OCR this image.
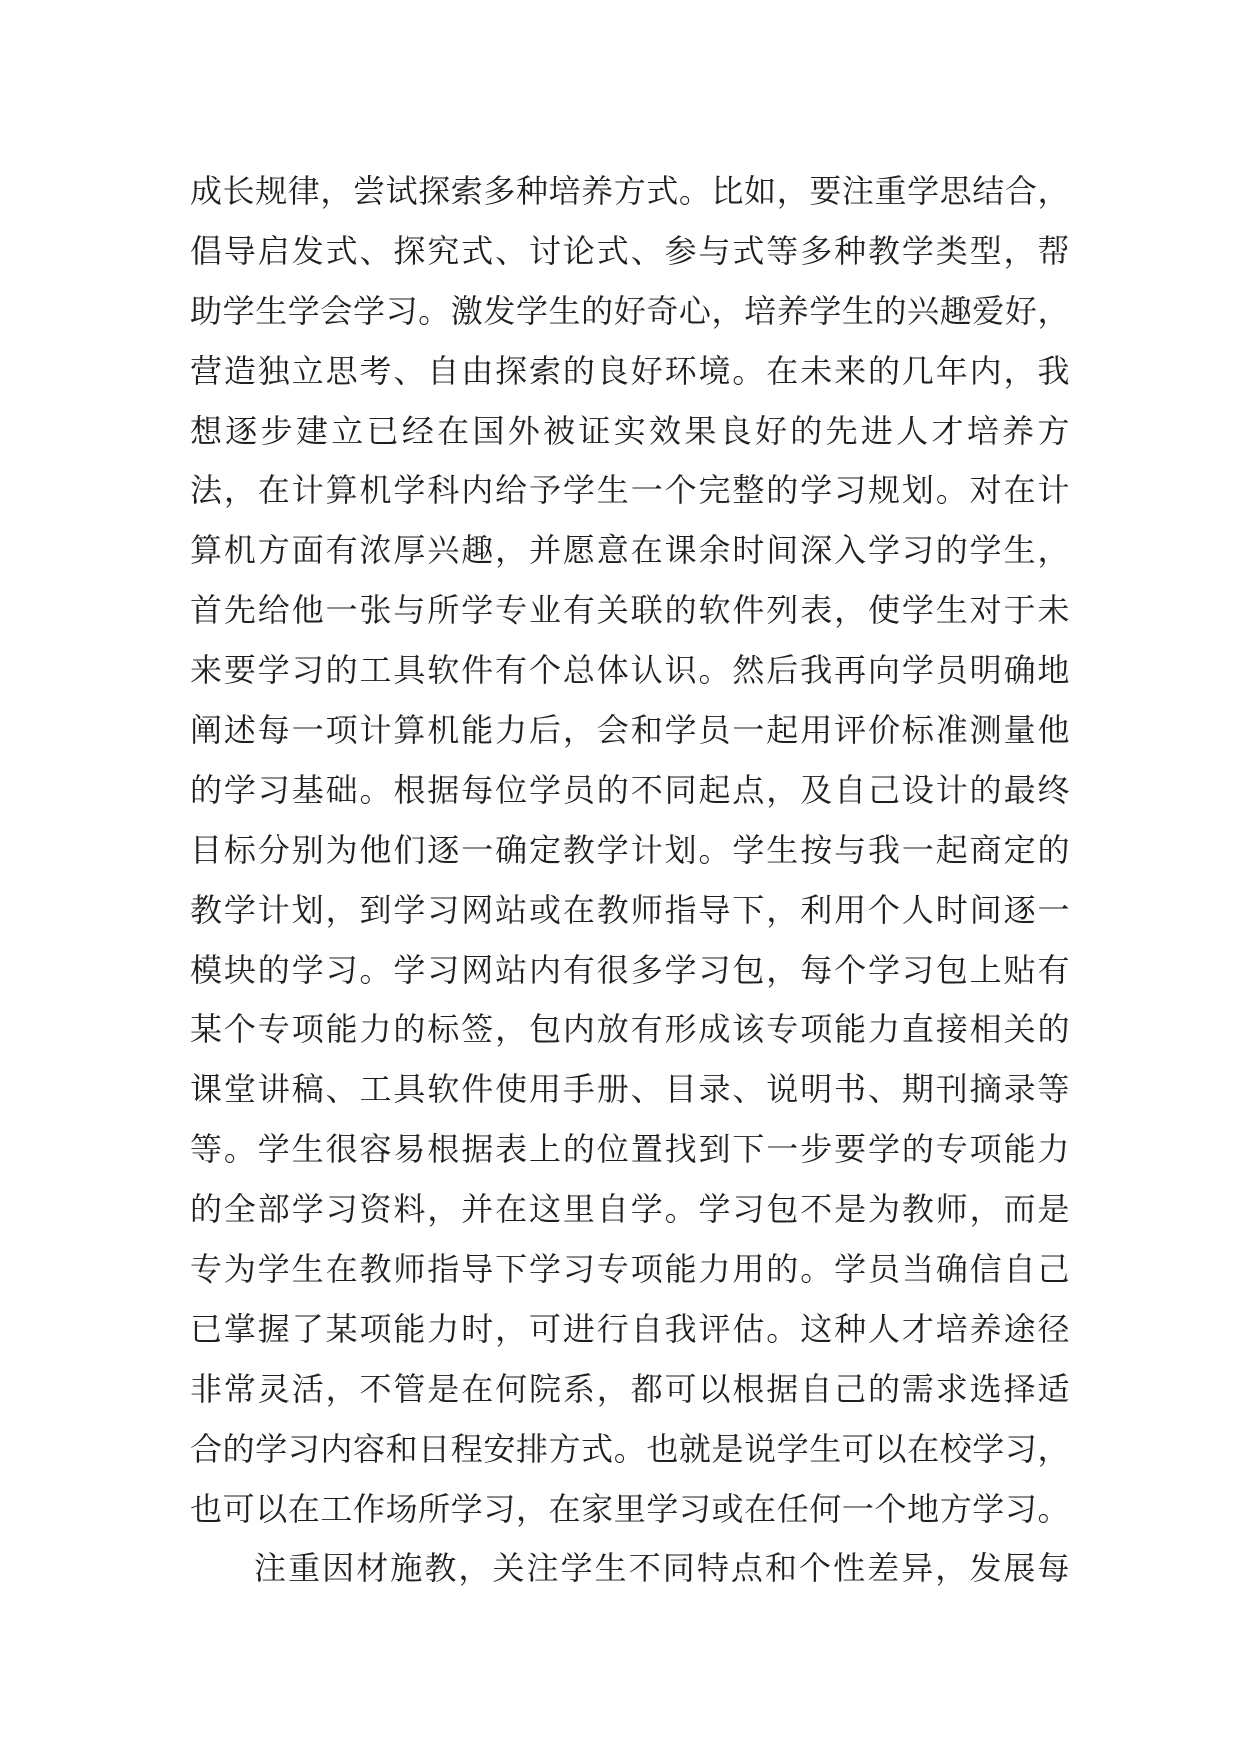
成长规律，尝试探索多种培养方式。比如，要注重学思结合，
倡导启发式、探究式、讨论式、参与式等多种教学类型，帮
助学生学会学习。激发学生的好奇心，培养学生的兴趣爱好，
营造独立思考、自由探索的良好环境。在未来的几年内，我
想逐步建立已经在国外被证实效果良好的先进人才培养方
法，在计算机学科内给予学生一个完整的学习规划。对在计
算机方面有浓厚兴趣，并愿意在课余时间深入学习的学生，
首先给他一张与所学专业有关联的软件列表，使学生对于未
来要学习的工具软件有个总体认识。然后我再向学员明确地
阐述每一项计算机能力后，会和学员一起用评价标准测量他
的学习基础。根据每位学员的不同起点，及自己设计的最终
目标分别为他们逐一确定教学计划。学生按与我一起商定的
教学计划，到学习网站或在教师指导下，利用个人时间逐一
模块的学习。学习网站内有很多学习包，每个学习包上贴有
某个专项能力的标签，包内放有形成该专项能力直接相关的
课堂讲稿、工具软件使用手册、目录、说明书、期刊摘录等
等。学生很容易根据表上的位置找到下一步要学的专项能力
的全部学习资料，并在这里自学。学习包不是为教师，而是
专为学生在教师指导下学习专项能力用的。学员当确信自己
已掌握了某项能力时，可进行自我评估。这种人才培养途径
非常灵活，不管是在何院系，都可以根据自己的需求选择适
合的学习内容和日程安排方式。也就是说学生可以在校学习，
也可以在工作场所学习，在家里学习或在任何一个地方学习。
注重因材施教，关注学生不同特点和个性差异，发展每
